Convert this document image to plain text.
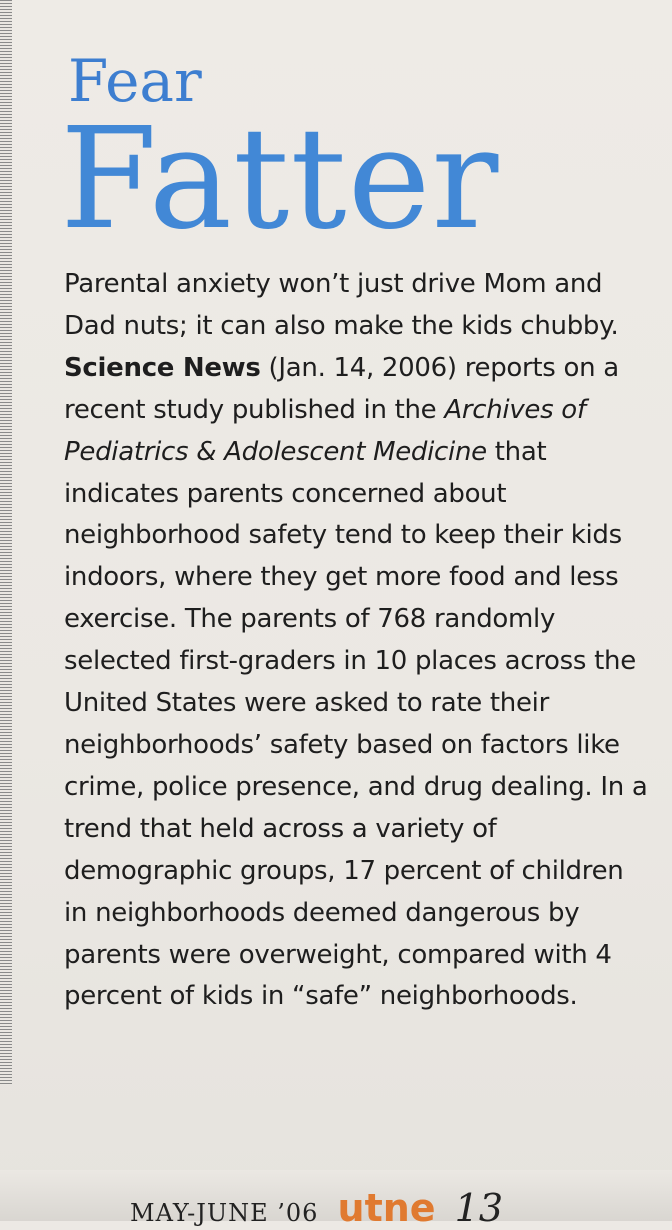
Fear
Fatter

Parental anxiety won’t just drive Mom and Dad nuts; it can also make the kids chubby. Science News (Jan. 14, 2006) reports on a recent study published in the Archives of Pediatrics & Adolescent Medicine that indicates parents concerned about neighborhood safety tend to keep their kids indoors, where they get more food and less exercise. The parents of 768 randomly selected first-graders in 10 places across the United States were asked to rate their neighborhoods’ safety based on factors like crime, police presence, and drug dealing. In a trend that held across a variety of demographic groups, 17 percent of children in neighborhoods deemed dangerous by parents were overweight, compared with 4 percent of kids in “safe” neighborhoods.

MAY-JUNE ’06 utne 13
